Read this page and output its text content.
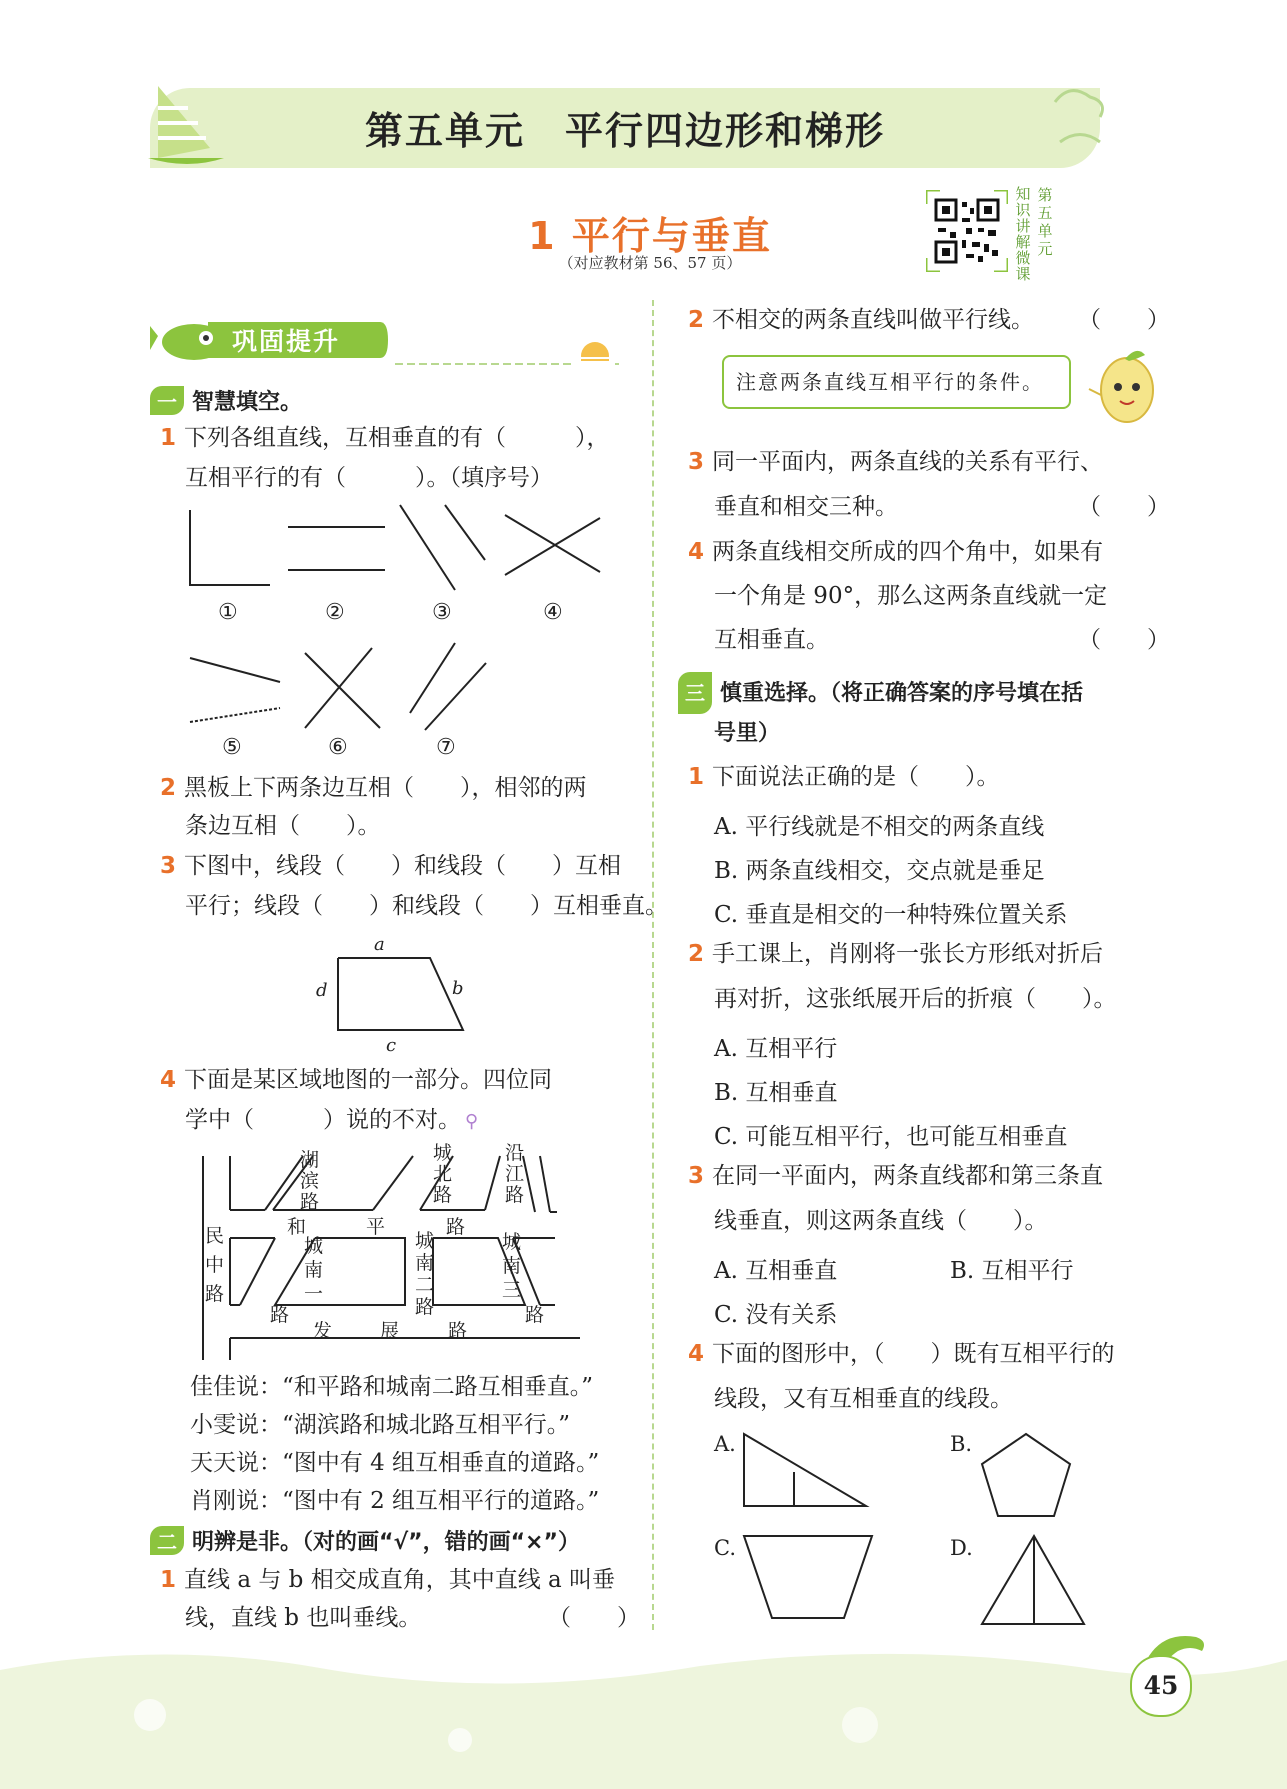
第五单元　平行四边形和梯形
1 平行与垂直
（对应教材第 56、57 页）
知
识
讲
解
微
课
第
五
单
元
巩固提升
一 智慧填空。
1 下列各组直线，互相垂直的有（　　　），
互相平行的有（　　　）。（填序号）
①	②	③	④
⑤	⑥	⑦
2 黑板上下两条边互相（　　），相邻的两
条边互相（　　）。
3 下图中，线段（　　）和线段（　　）互相
平行；线段（　　）和线段（　　）互相垂直。
a
b
c
d
4 下面是某区域地图的一部分。四位同
学中（　　　）说的不对。 ⚲
湖
滨
路
城
北
路
沿
江
路
和	平	路
民
中
路
城
南
一
路
城
南
二
路
城
南
三
路
发	展	路
佳佳说：“和平路和城南二路互相垂直。”
小雯说：“湖滨路和城北路互相平行。”
天天说：“图中有 4 组互相垂直的道路。”
肖刚说：“图中有 2 组互相平行的道路。”
二 明辨是非。（对的画“√”，错的画“×”）
1 直线 a 与 b 相交成直角，其中直线 a 叫垂
线，直线 b 也叫垂线。	（　　）
2 不相交的两条直线叫做平行线。 （　　）
注意两条直线互相平行的条件。
3 同一平面内，两条直线的关系有平行、
垂直和相交三种。	（　　）
4 两条直线相交所成的四个角中，如果有
一个角是 90°，那么这两条直线就一定
互相垂直。	（　　）
三 慎重选择。（将正确答案的序号填在括
号里）
1 下面说法正确的是（　　）。
A. 平行线就是不相交的两条直线
B. 两条直线相交，交点就是垂足
C. 垂直是相交的一种特殊位置关系
2 手工课上，肖刚将一张长方形纸对折后
再对折，这张纸展开后的折痕（　　）。
A. 互相平行
B. 互相垂直
C. 可能互相平行，也可能互相垂直
3 在同一平面内，两条直线都和第三条直
线垂直，则这两条直线（　　）。
A. 互相垂直	B. 互相平行
C. 没有关系
4 下面的图形中，（　　）既有互相平行的
线段，又有互相垂直的线段。
A.	B.
C.	D.
45
